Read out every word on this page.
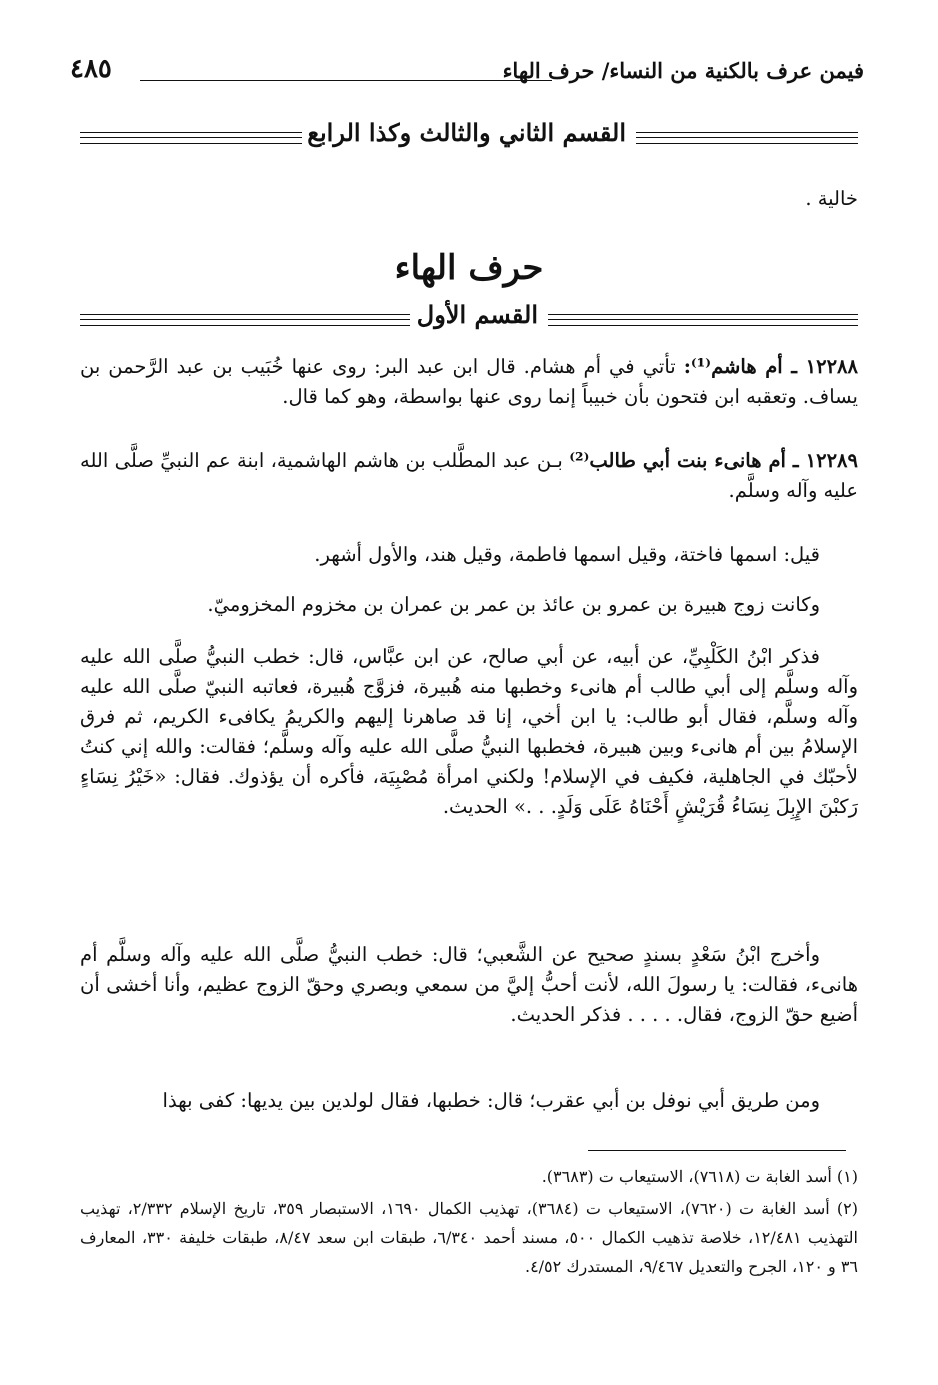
فيمن عرف بالكنية من النساء/ حرف الهاء
٤٨٥
القسم الثاني والثالث وكذا الرابع
خالية .
حرف الهاء
القسم الأول
١٢٢٨٨ ـ أم هاشم⁽¹⁾: تأتي في أم هشام. قال ابن عبد البر: روى عنها خُبَيب بن عبد الرَّحمن بن يساف. وتعقبه ابن فتحون بأن خبيباً إنما روى عنها بواسطة، وهو كما قال.
١٢٢٨٩ ـ أم هانىء بنت أبي طالب⁽²⁾ بـن عبد المطَّلب بن هاشم الهاشمية، ابنة عم النبيِّ صلَّى الله عليه وآله وسلَّم.
قيل: اسمها فاختة، وقيل اسمها فاطمة، وقيل هند، والأول أشهر.
وكانت زوج هبيرة بن عمرو بن عائذ بن عمر بن عمران بن مخزوم المخزوميّ.
فذكر ابْنُ الكَلْبِيِّ، عن أبيه، عن أبي صالح، عن ابن عبَّاس، قال: خطب النبيُّ صلَّى الله عليه وآله وسلَّم إلى أبي طالب أم هانىء وخطبها منه هُبيرة، فزوَّج هُبيرة، فعاتبه النبيّ صلَّى الله عليه وآله وسلَّم، فقال أبو طالب: يا ابن أخي، إنا قد صاهرنا إليهم والكريمُ يكافىء الكريم، ثم فرق الإسلامُ بين أم هانىء وبين هبيرة، فخطبها النبيُّ صلَّى الله عليه وآله وسلَّم؛ فقالت: والله إني كنتُ لأحبّك في الجاهلية، فكيف في الإسلام! ولكني امرأة مُصْبِيَة، فأكره أن يؤذوك. فقال: «خَيْرُ نِسَاءٍ رَكبْنَ الإِبِلَ نِسَاءُ قُرَيْشٍ أَحْنَاهُ عَلَى وَلَدٍ. . .» الحديث.
وأخرج ابْنُ سَعْدٍ بسندٍ صحيح عن الشَّعبي؛ قال: خطب النبيُّ صلَّى الله عليه وآله وسلَّم أم هانىء، فقالت: يا رسولَ الله، لأنت أحبُّ إليَّ من سمعي وبصري وحقّ الزوج عظيم، وأنا أخشى أن أضيع حقّ الزوج، فقال. . . . . فذكر الحديث.
ومن طريق أبي نوفل بن أبي عقرب؛ قال: خطبها، فقال لولدين بين يديها: كفى بهذا
(١) أسد الغابة ت (٧٦١٨)، الاستيعاب ت (٣٦٨٣).
(٢) أسد الغابة ت (٧٦٢٠)، الاستيعاب ت (٣٦٨٤)، تهذيب الكمال ١٦٩٠، الاستبصار ٣٥٩، تاريخ الإسلام ٢/٣٣٢، تهذيب التهذيب ١٢/٤٨١، خلاصة تذهيب الكمال ٥٠٠، مسند أحمد ٦/٣٤٠، طبقات ابن سعد ٨/٤٧، طبقات خليفة ٣٣٠، المعارف ٣٦ و ١٢٠، الجرح والتعديل ٩/٤٦٧، المستدرك ٤/٥٢.
